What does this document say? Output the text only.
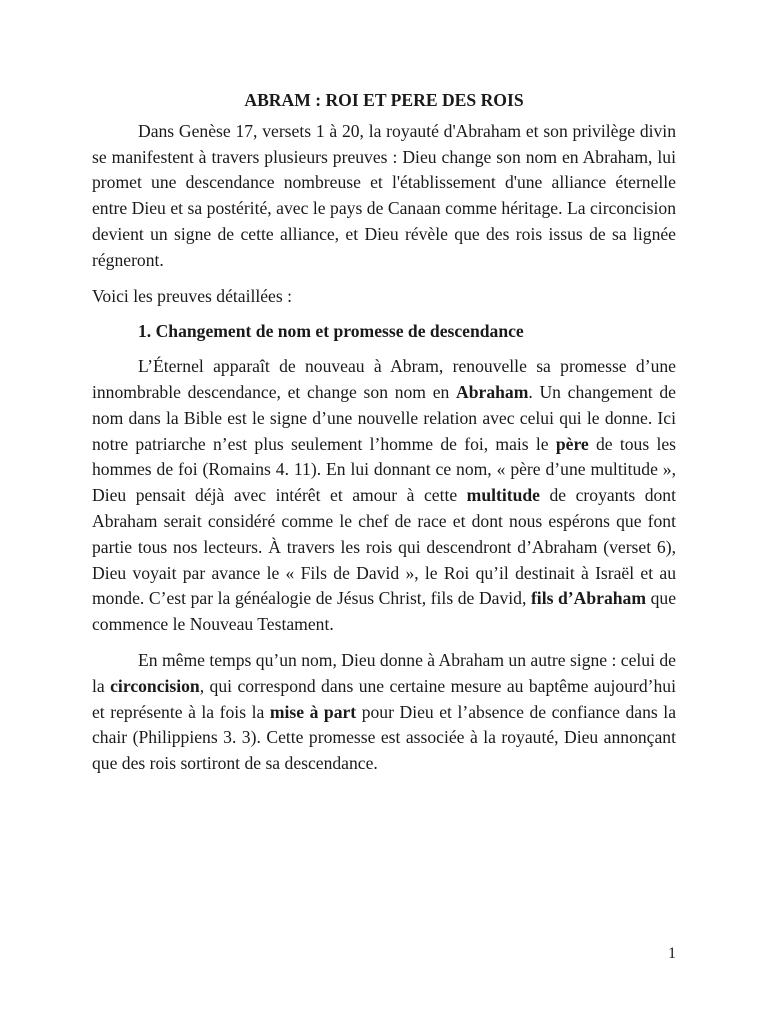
ABRAM : ROI ET PERE DES ROIS

Dans Genèse 17, versets 1 à 20, la royauté d'Abraham et son privilège divin se manifestent à travers plusieurs preuves : Dieu change son nom en Abraham, lui promet une descendance nombreuse et l'établissement d'une alliance éternelle entre Dieu et sa postérité, avec le pays de Canaan comme héritage. La circoncision devient un signe de cette alliance, et Dieu révèle que des rois issus de sa lignée régneront.

Voici les preuves détaillées :

1. Changement de nom et promesse de descendance

L’Éternel apparaît de nouveau à Abram, renouvelle sa promesse d’une innombrable descendance, et change son nom en Abraham. Un changement de nom dans la Bible est le signe d’une nouvelle relation avec celui qui le donne. Ici notre patriarche n’est plus seulement l’homme de foi, mais le père de tous les hommes de foi (Romains 4. 11). En lui donnant ce nom, « père d’une multitude », Dieu pensait déjà avec intérêt et amour à cette multitude de croyants dont Abraham serait considéré comme le chef de race et dont nous espérons que font partie tous nos lecteurs. À travers les rois qui descendront d’Abraham (verset 6), Dieu voyait par avance le « Fils de David », le Roi qu’il destinait à Israël et au monde. C’est par la généalogie de Jésus Christ, fils de David, fils d’Abraham que commence le Nouveau Testament.

En même temps qu’un nom, Dieu donne à Abraham un autre signe : celui de la circoncision, qui correspond dans une certaine mesure au baptême aujourd’hui et représente à la fois la mise à part pour Dieu et l’absence de confiance dans la chair (Philippiens 3. 3). Cette promesse est associée à la royauté, Dieu annonçant que des rois sortiront de sa descendance.

1
